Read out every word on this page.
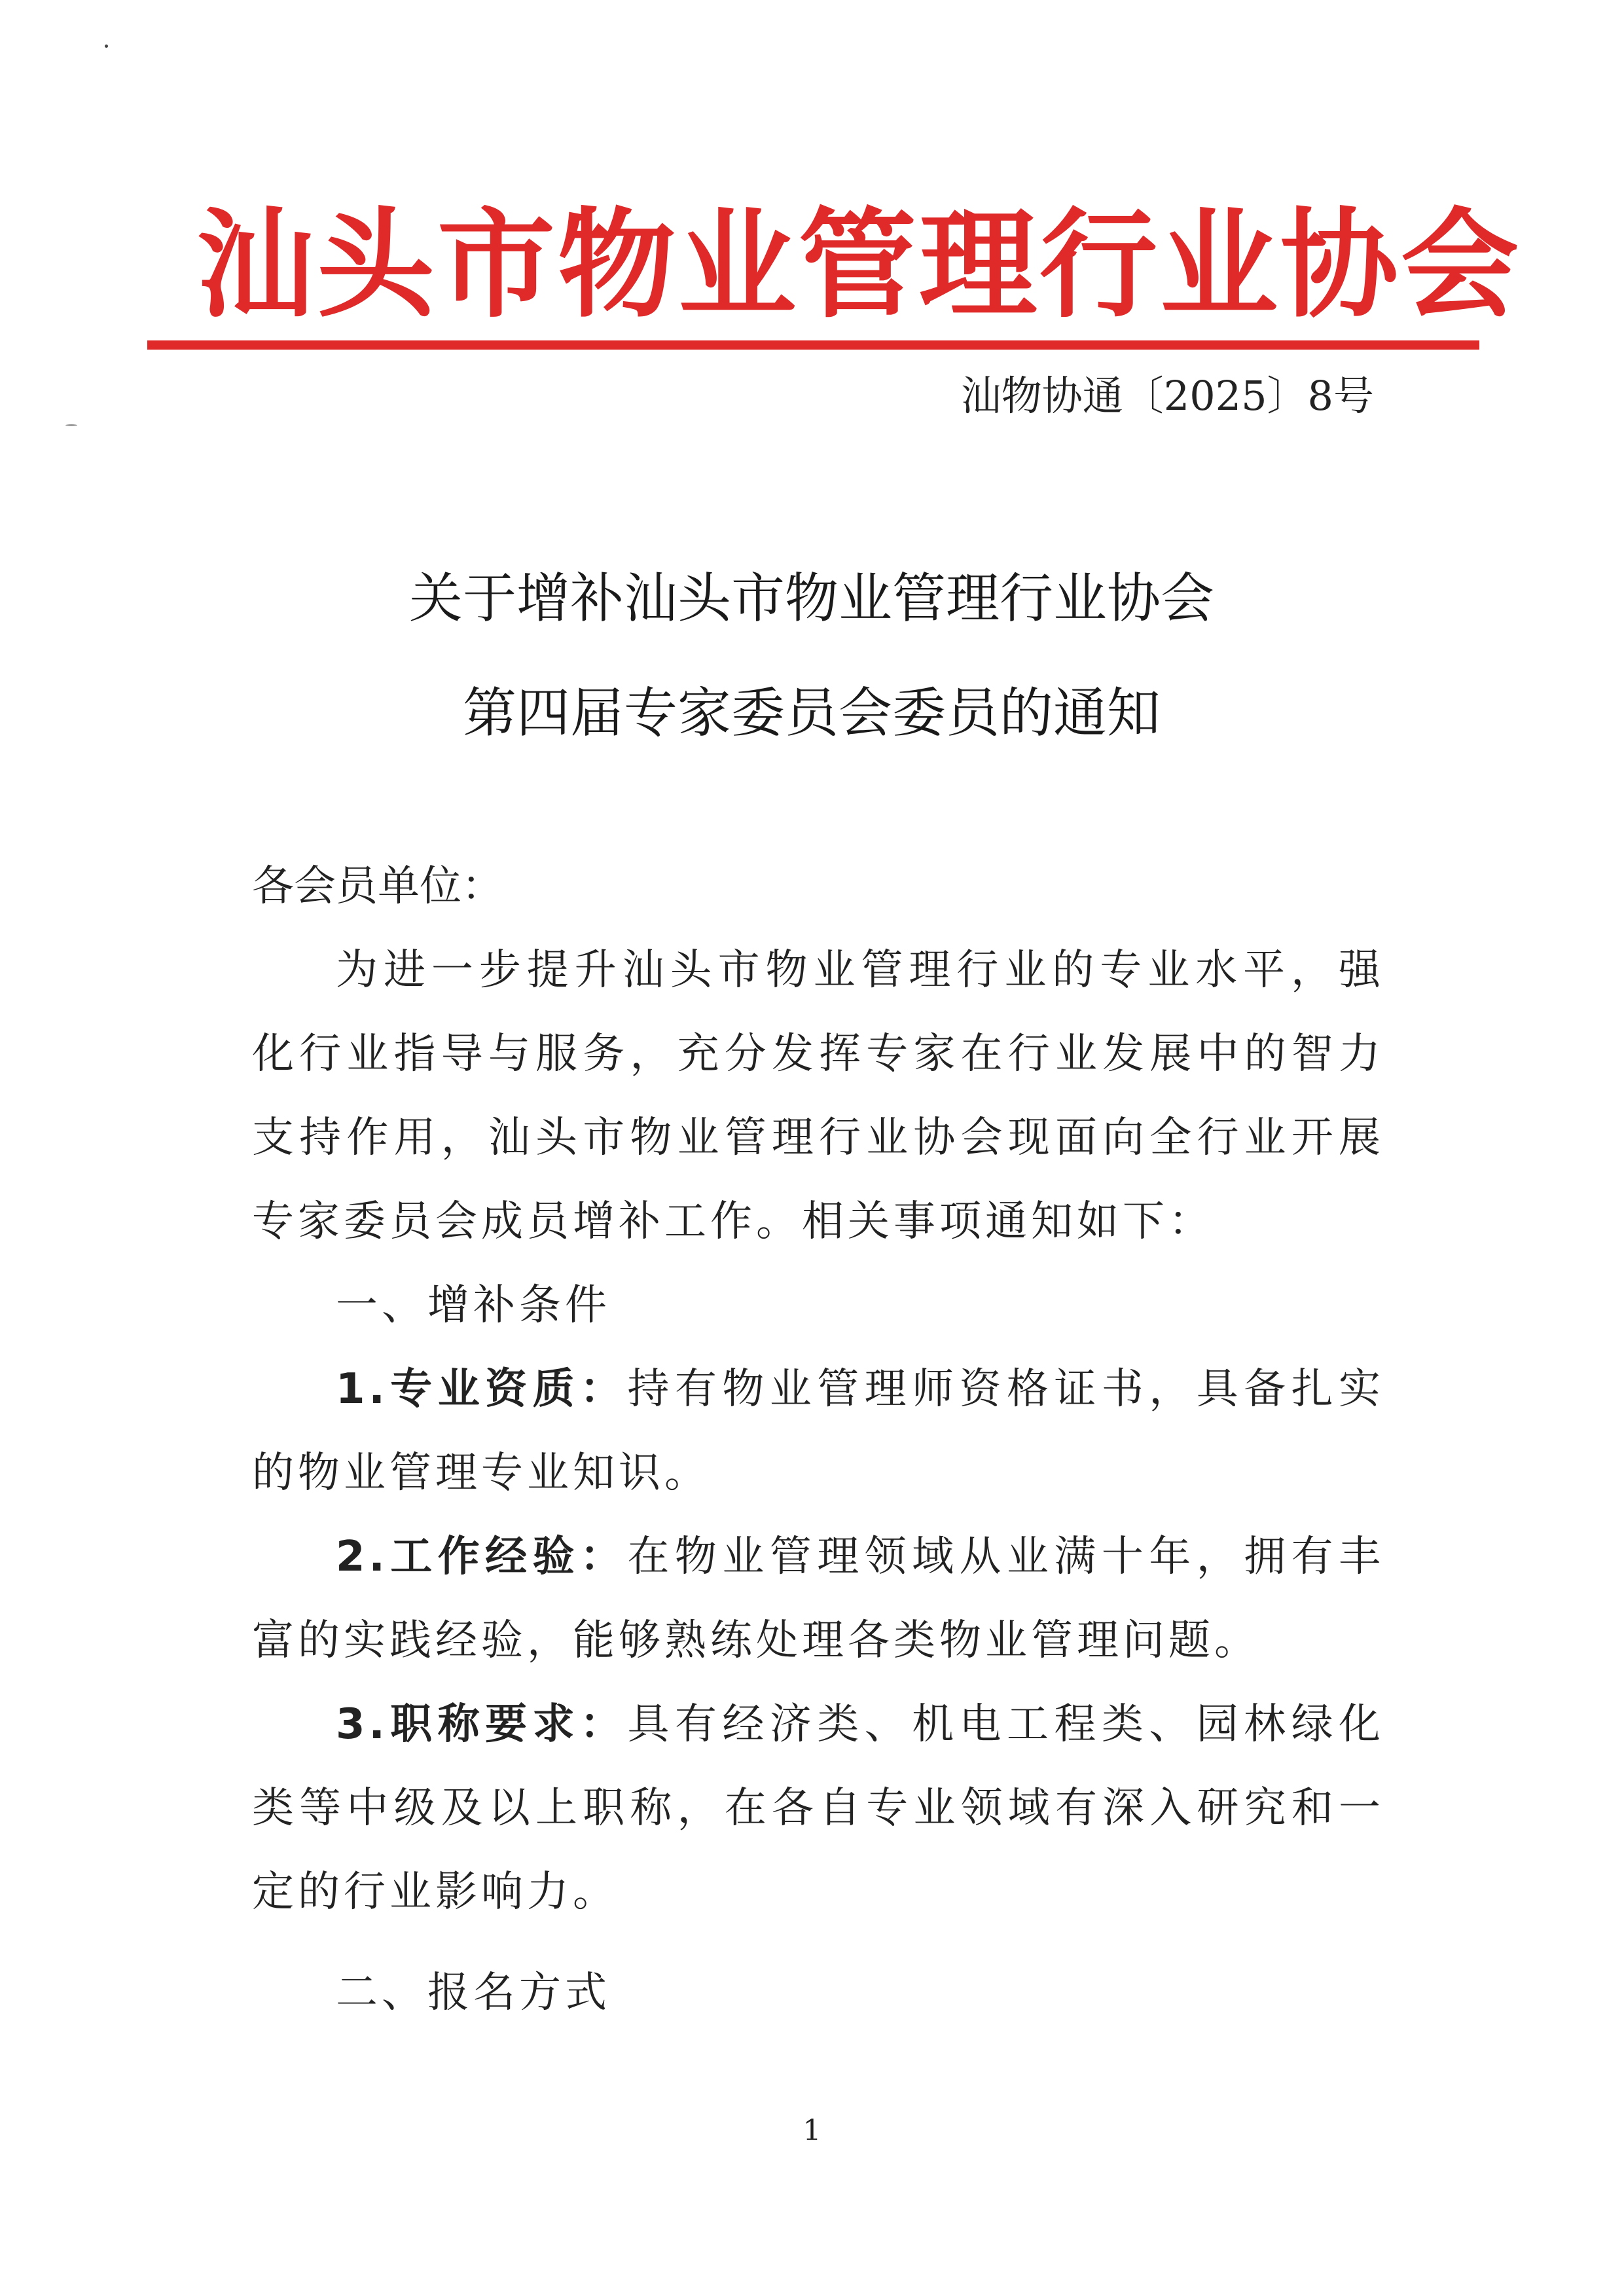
汕头市物业管理行业协会
汕物协通〔2025〕8号
关于增补汕头市物业管理行业协会
第四届专家委员会委员的通知
各会员单位：
为进一步提升汕头市物业管理行业的专业水平，强化行业指导与服务，充分发挥专家在行业发展中的智力支持作用，汕头市物业管理行业协会现面向全行业开展专家委员会成员增补工作。相关事项通知如下：
一、增补条件
1.专业资质：持有物业管理师资格证书，具备扎实的物业管理专业知识。
2.工作经验：在物业管理领域从业满十年，拥有丰富的实践经验，能够熟练处理各类物业管理问题。
3.职称要求：具有经济类、机电工程类、园林绿化类等中级及以上职称，在各自专业领域有深入研究和一定的行业影响力。
二、报名方式
1
